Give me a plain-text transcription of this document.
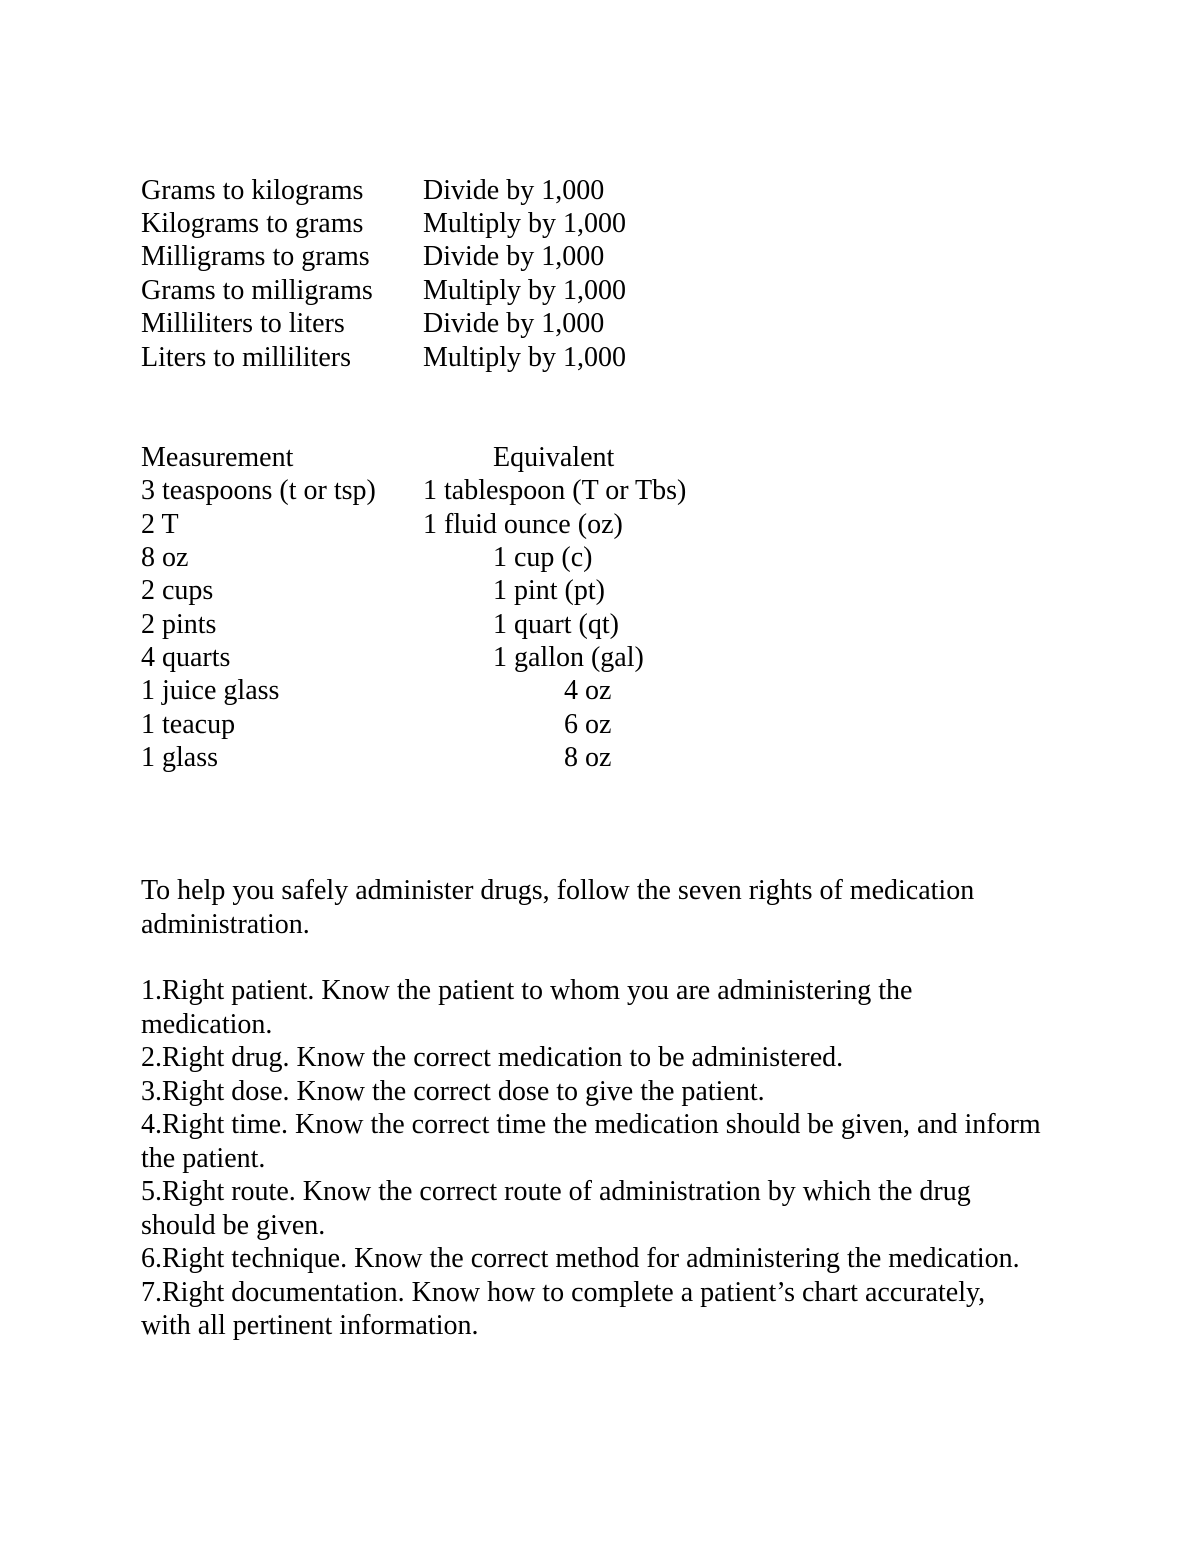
Grams to kilograms Divide by 1,000
Kilograms to grams Multiply by 1,000
Milligrams to grams Divide by 1,000
Grams to milligrams Multiply by 1,000
Milliliters to liters	Divide by 1,000
Liters to milliliters	Multiply by 1,000
Measurement	Equivalent
3 teaspoons (t or tsp) 1 tablespoon (T or Tbs)
2 T	1 fluid ounce (oz)
8 oz	1 cup (c)
2 cups	1 pint (pt)
2 pints	1 quart (qt)
4 quarts	1 gallon (gal)
1 juice glass	4 oz
1 teacup	6 oz
1 glass	8 oz

To help you safely administer drugs, follow the seven rights of medication administration.

1.Right patient. Know the patient to whom you are administering the medication.
2.Right drug. Know the correct medication to be administered.
3.Right dose. Know the correct dose to give the patient.
4.Right time. Know the correct time the medication should be given, and inform the patient.
5.Right route. Know the correct route of administration by which the drug should be given.
6.Right technique. Know the correct method for administering the medication.
7.Right documentation. Know how to complete a patient’s chart accurately, with all pertinent information.
